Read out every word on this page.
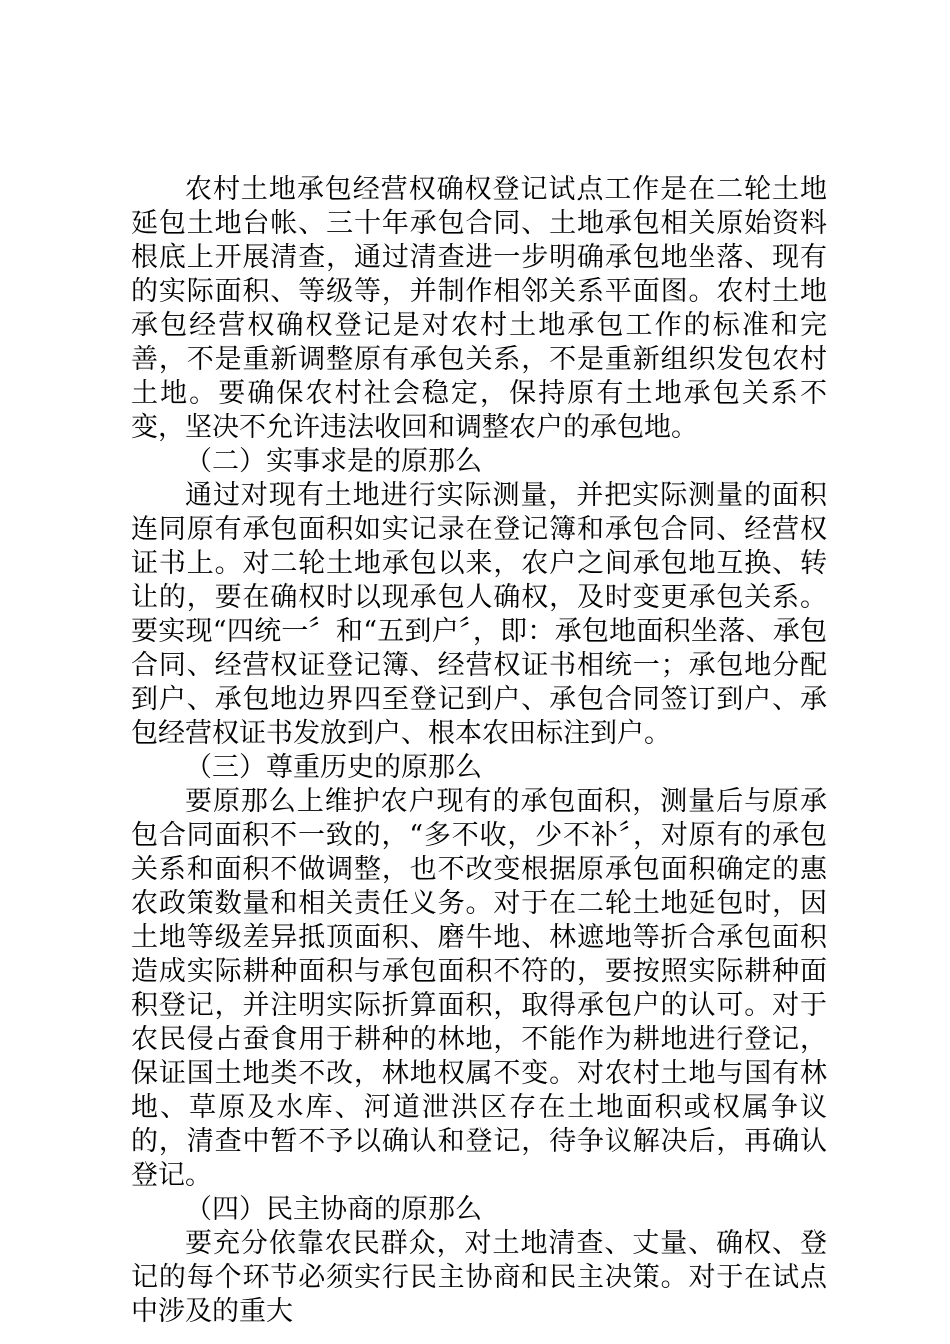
农村土地承包经营权确权登记试点工作是在二轮土地延包土地台帐、三十年承包合同、土地承包相关原始资料根底上开展清查，通过清查进一步明确承包地坐落、现有的实际面积、等级等，并制作相邻关系平面图。农村土地承包经营权确权登记是对农村土地承包工作的标准和完善，不是重新调整原有承包关系，不是重新组织发包农村土地。要确保农村社会稳定，保持原有土地承包关系不变，坚决不允许违法收回和调整农户的承包地。

（二）实事求是的原那么

通过对现有土地进行实际测量，并把实际测量的面积连同原有承包面积如实记录在登记簿和承包合同、经营权证书上。对二轮土地承包以来，农户之间承包地互换、转让的，要在确权时以现承包人确权，及时变更承包关系。要实现“四统一〞和“五到户〞，即：承包地面积坐落、承包合同、经营权证登记簿、经营权证书相统一；承包地分配到户、承包地边界四至登记到户、承包合同签订到户、承包经营权证书发放到户、根本农田标注到户。

（三）尊重历史的原那么

要原那么上维护农户现有的承包面积，测量后与原承包合同面积不一致的，“多不收，少不补〞，对原有的承包关系和面积不做调整，也不改变根据原承包面积确定的惠农政策数量和相关责任义务。对于在二轮土地延包时，因土地等级差异抵顶面积、磨牛地、林遮地等折合承包面积造成实际耕种面积与承包面积不符的，要按照实际耕种面积登记，并注明实际折算面积，取得承包户的认可。对于农民侵占蚕食用于耕种的林地，不能作为耕地进行登记，保证国土地类不改，林地权属不变。对农村土地与国有林地、草原及水库、河道泄洪区存在土地面积或权属争议的，清查中暂不予以确认和登记，待争议解决后，再确认登记。

（四）民主协商的原那么

要充分依靠农民群众，对土地清查、丈量、确权、登记的每个环节必须实行民主协商和民主决策。对于在试点中涉及的重大
